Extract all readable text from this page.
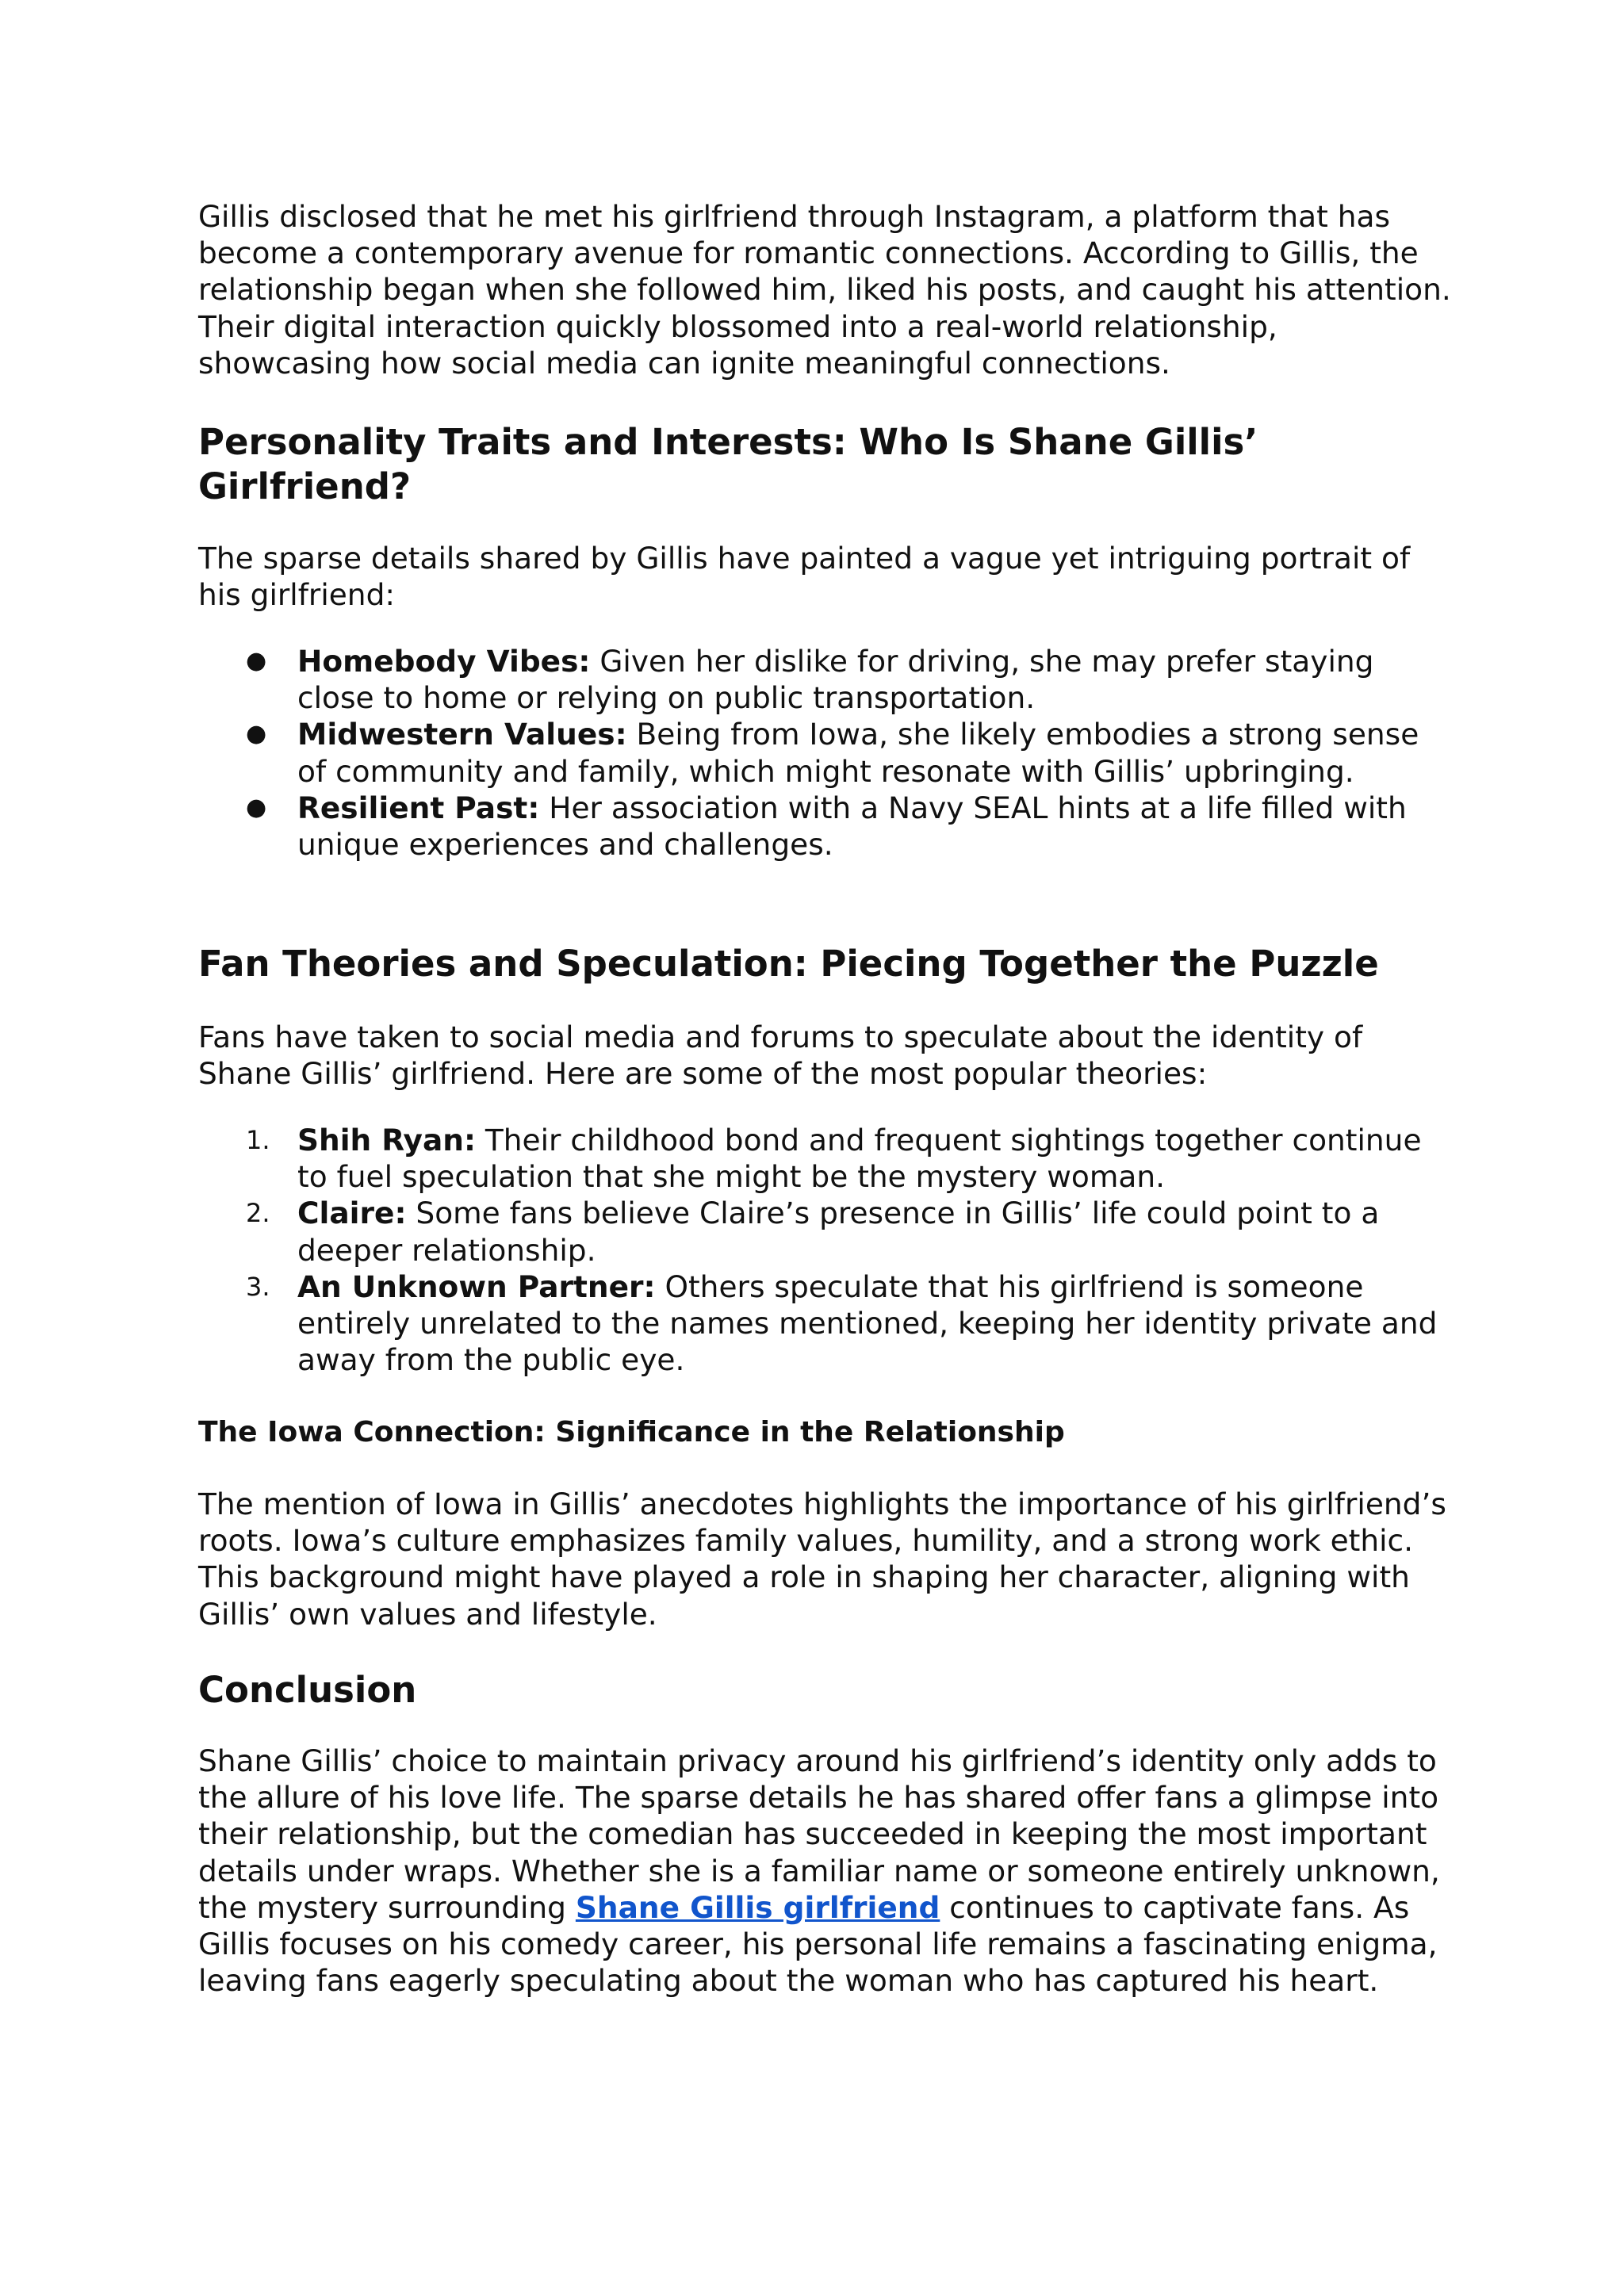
Gillis disclosed that he met his girlfriend through Instagram, a platform that has become a contemporary avenue for romantic connections. According to Gillis, the relationship began when she followed him, liked his posts, and caught his attention. Their digital interaction quickly blossomed into a real-world relationship, showcasing how social media can ignite meaningful connections.

Personality Traits and Interests: Who Is Shane Gillis’ Girlfriend?

The sparse details shared by Gillis have painted a vague yet intriguing portrait of his girlfriend:

● Homebody Vibes: Given her dislike for driving, she may prefer staying close to home or relying on public transportation.
● Midwestern Values: Being from Iowa, she likely embodies a strong sense of community and family, which might resonate with Gillis’ upbringing.
● Resilient Past: Her association with a Navy SEAL hints at a life filled with unique experiences and challenges.
Fan Theories and Speculation: Piecing Together the Puzzle

Fans have taken to social media and forums to speculate about the identity of Shane Gillis’ girlfriend. Here are some of the most popular theories:

1. Shih Ryan: Their childhood bond and frequent sightings together continue to fuel speculation that she might be the mystery woman.
2. Claire: Some fans believe Claire’s presence in Gillis’ life could point to a deeper relationship.
3. An Unknown Partner: Others speculate that his girlfriend is someone entirely unrelated to the names mentioned, keeping her identity private and away from the public eye.
The Iowa Connection: Significance in the Relationship

The mention of Iowa in Gillis’ anecdotes highlights the importance of his girlfriend’s roots. Iowa’s culture emphasizes family values, humility, and a strong work ethic. This background might have played a role in shaping her character, aligning with Gillis’ own values and lifestyle.

Conclusion

Shane Gillis’ choice to maintain privacy around his girlfriend’s identity only adds to the allure of his love life. The sparse details he has shared offer fans a glimpse into their relationship, but the comedian has succeeded in keeping the most important details under wraps. Whether she is a familiar name or someone entirely unknown, the mystery surrounding Shane Gillis girlfriend continues to captivate fans. As Gillis focuses on his comedy career, his personal life remains a fascinating enigma, leaving fans eagerly speculating about the woman who has captured his heart.
